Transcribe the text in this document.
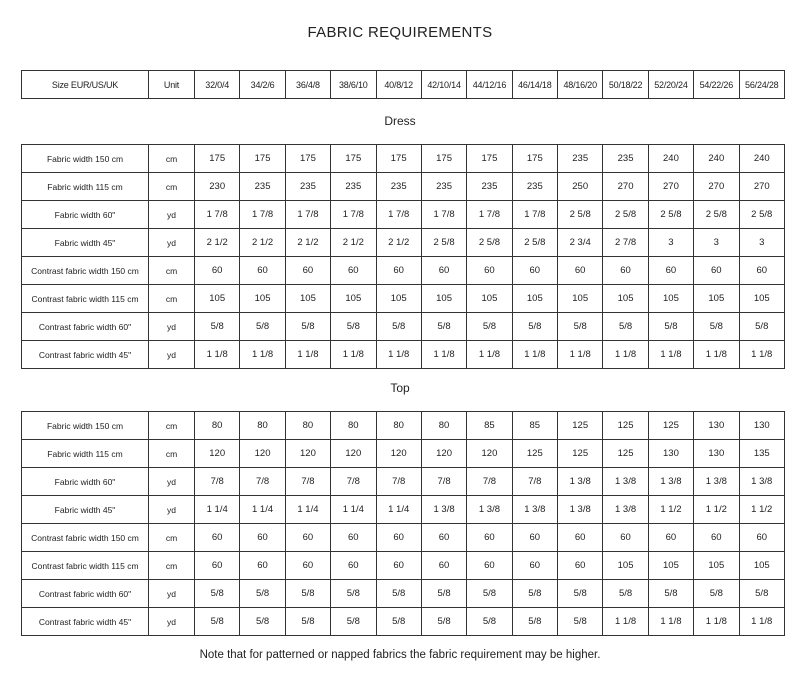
FABRIC REQUIREMENTS
Size EUR/US/UK	Unit	32/0/4	34/2/6	36/4/8	38/6/10	40/8/12	42/10/14	44/12/16	46/14/18	48/16/20	50/18/22	52/20/24	54/22/26	56/24/28
Dress
Fabric width 150 cm	cm	175	175	175	175	175	175	175	175	235	235	240	240	240
Fabric width 115 cm	cm	230	235	235	235	235	235	235	235	250	270	270	270	270
Fabric width 60"	yd	1 7/8	1 7/8	1 7/8	1 7/8	1 7/8	1 7/8	1 7/8	1 7/8	2 5/8	2 5/8	2 5/8	2 5/8	2 5/8
Fabric width 45"	yd	2 1/2	2 1/2	2 1/2	2 1/2	2 1/2	2 5/8	2 5/8	2 5/8	2 3/4	2 7/8	3	3	3
Contrast fabric width 150 cm	cm	60	60	60	60	60	60	60	60	60	60	60	60	60
Contrast fabric width 115 cm	cm	105	105	105	105	105	105	105	105	105	105	105	105	105
Contrast fabric width 60"	yd	5/8	5/8	5/8	5/8	5/8	5/8	5/8	5/8	5/8	5/8	5/8	5/8	5/8
Contrast fabric width 45"	yd	1 1/8	1 1/8	1 1/8	1 1/8	1 1/8	1 1/8	1 1/8	1 1/8	1 1/8	1 1/8	1 1/8	1 1/8	1 1/8
Top
Fabric width 150 cm	cm	80	80	80	80	80	80	85	85	125	125	125	130	130
Fabric width 115 cm	cm	120	120	120	120	120	120	120	125	125	125	130	130	135
Fabric width 60"	yd	7/8	7/8	7/8	7/8	7/8	7/8	7/8	7/8	1 3/8	1 3/8	1 3/8	1 3/8	1 3/8
Fabric width 45"	yd	1 1/4	1 1/4	1 1/4	1 1/4	1 1/4	1 3/8	1 3/8	1 3/8	1 3/8	1 3/8	1 1/2	1 1/2	1 1/2
Contrast fabric width 150 cm	cm	60	60	60	60	60	60	60	60	60	60	60	60	60
Contrast fabric width 115 cm	cm	60	60	60	60	60	60	60	60	60	105	105	105	105
Contrast fabric width 60"	yd	5/8	5/8	5/8	5/8	5/8	5/8	5/8	5/8	5/8	5/8	5/8	5/8	5/8
Contrast fabric width 45"	yd	5/8	5/8	5/8	5/8	5/8	5/8	5/8	5/8	5/8	1 1/8	1 1/8	1 1/8	1 1/8
Note that for patterned or napped fabrics the fabric requirement may be higher.
